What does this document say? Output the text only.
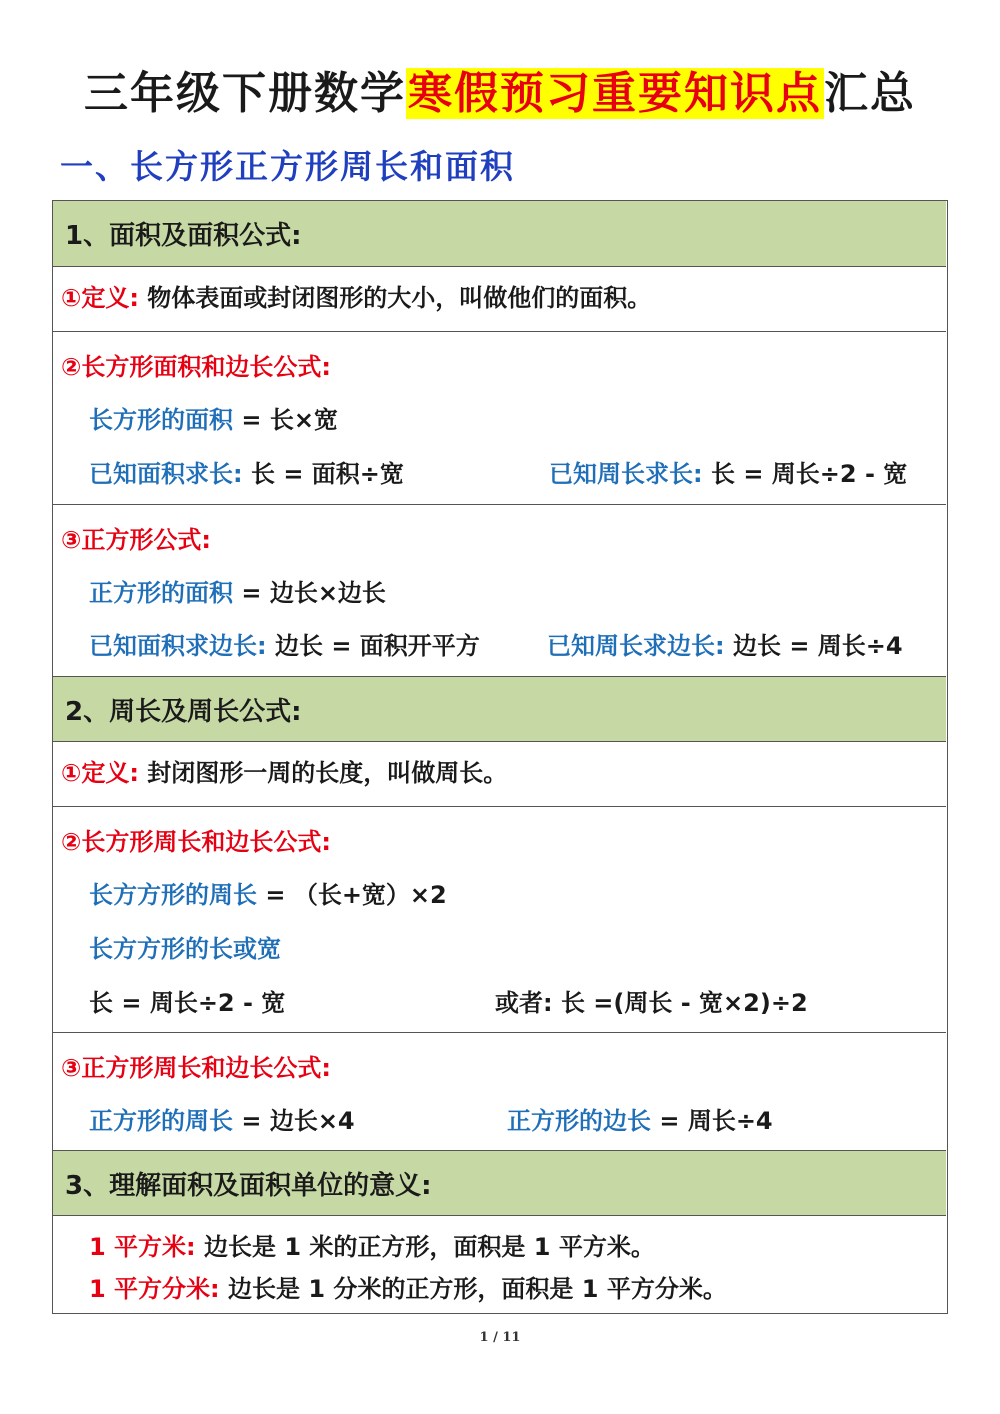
三年级下册数学寒假预习重要知识点汇总
一、长方形正方形周长和面积
1、面积及面积公式:
①定义: 物体表面或封闭图形的大小，叫做他们的面积。
②长方形面积和边长公式:
长方形的面积 = 长×宽
已知面积求长: 长 = 面积÷宽	已知周长求长: 长 = 周长÷2 - 宽
③正方形公式:
正方形的面积 = 边长×边长
已知面积求边长: 边长 = 面积开平方	已知周长求边长: 边长 = 周长÷4
2、周长及周长公式:
①定义: 封闭图形一周的长度，叫做周长。
②长方形周长和边长公式:
长方方形的周长 = （长+宽）×2
长方方形的长或宽
长 = 周长÷2 - 宽	或者: 长 =(周长 - 宽×2)÷2
③正方形周长和边长公式:
正方形的周长 = 边长×4	正方形的边长 = 周长÷4
3、理解面积及面积单位的意义:
1 平方米: 边长是 1 米的正方形，面积是 1 平方米。
1 平方分米: 边长是 1 分米的正方形，面积是 1 平方分米。
1 / 11
